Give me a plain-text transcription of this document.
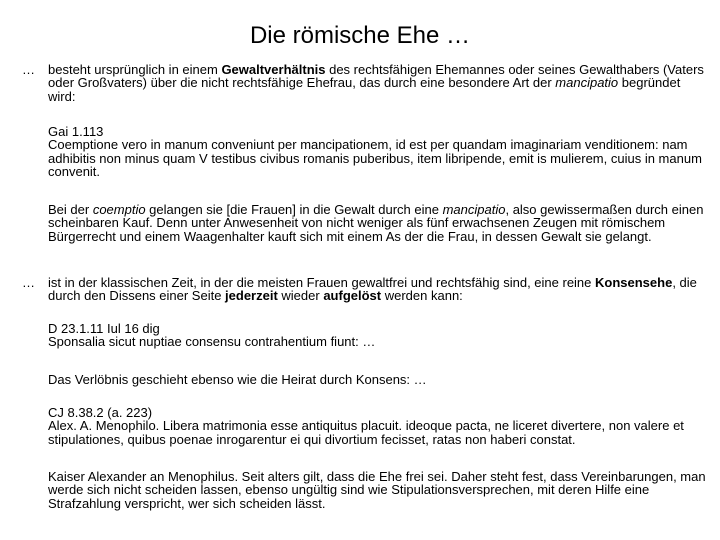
Die römische Ehe …
…	besteht ursprünglich in einem Gewaltverhältnis des rechtsfähigen Ehemannes oder seines Gewalthabers (Vaters oder Großvaters) über die nicht rechtsfähige Ehefrau, das durch eine besondere Art der mancipatio begründet wird:
Gai 1.113
Coemptione vero in manum conveniunt per mancipationem, id est per quandam imaginariam venditionem: nam adhibitis non minus quam V testibus civibus romanis puberibus, item libripende, emit is mulierem, cuius in manum convenit.
Bei der coemptio gelangen sie [die Frauen] in die Gewalt durch eine mancipatio, also gewissermaßen durch einen scheinbaren Kauf. Denn unter Anwesenheit von nicht weniger als fünf erwachsenen Zeugen mit römischem Bürgerrecht und einem Waagenhalter kauft sich mit einem As der die Frau, in dessen Gewalt sie gelangt.
…	ist in der klassischen Zeit, in der die meisten Frauen gewaltfrei und rechtsfähig sind, eine reine Konsensehe, die durch den Dissens einer Seite jederzeit wieder aufgelöst werden kann:
D 23.1.11 Iul 16 dig
Sponsalia sicut nuptiae consensu contrahentium fiunt: …
Das Verlöbnis geschieht ebenso wie die Heirat durch Konsens: …
CJ 8.38.2 (a. 223)
Alex. A. Menophilo. Libera matrimonia esse antiquitus placuit. ideoque pacta, ne liceret divertere, non valere et stipulationes, quibus poenae inrogarentur ei qui divortium fecisset, ratas non haberi constat.
Kaiser Alexander an Menophilus. Seit alters gilt, dass die Ehe frei sei. Daher steht fest, dass Vereinbarungen, man werde sich nicht scheiden lassen, ebenso ungültig sind wie Stipulationsversprechen, mit deren Hilfe eine Strafzahlung verspricht, wer sich scheiden lässt.
